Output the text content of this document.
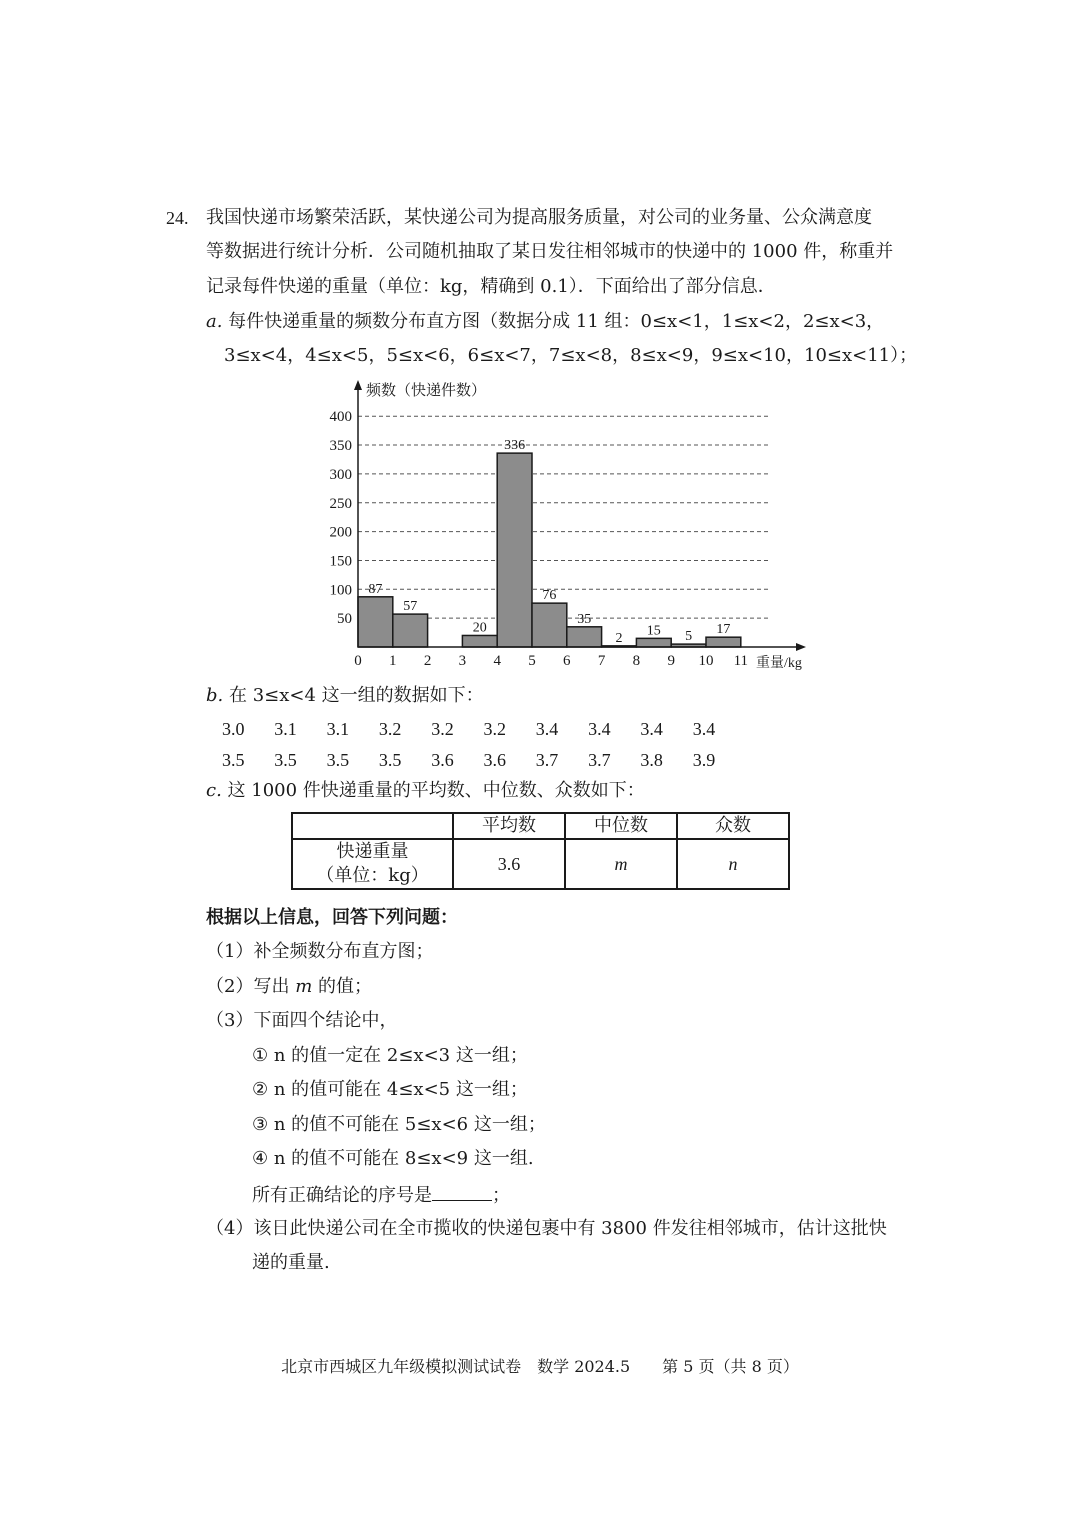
24. 我国快递市场繁荣活跃，某快递公司为提高服务质量，对公司的业务量、公众满意度
等数据进行统计分析．公司随机抽取了某日发往相邻城市的快递中的 1000 件，称重并
记录每件快递的重量（单位：kg，精确到 0.1）．下面给出了部分信息．
a. 每件快递重量的频数分布直方图（数据分成 11 组：0≤x<1，1≤x<2，2≤x<3，
3≤x<4，4≤x<5，5≤x<6，6≤x<7，7≤x<8，8≤x<9，9≤x<10，10≤x<11）；
87
57
20
336
76
35
2
15 5 17
50
100
150
200
250
300
350
400
0 1 2 3 4 5 6 7 8 9 10 11
频数（快递件数）
重量/kg
b. 在 3≤x<4 这一组的数据如下：
3.0 3.1 3.1 3.2 3.2 3.2 3.4 3.4 3.4 3.4
3.5 3.5 3.5 3.5 3.6 3.6 3.7 3.7 3.8 3.9
c. 这 1000 件快递重量的平均数、中位数、众数如下：
	平均数	中位数	众数

快递重量
（单位：kg）	3.6	m	n
根据以上信息，回答下列问题：
（1）补全频数分布直方图；
（2）写出 m 的值；
（3）下面四个结论中，
① n 的值一定在 2≤x<3 这一组；
② n 的值可能在 4≤x<5 这一组；
③ n 的值不可能在 5≤x<6 这一组；
④ n 的值不可能在 8≤x<9 这一组.
所有正确结论的序号是	；
（4）该日此快递公司在全市揽收的快递包裹中有 3800 件发往相邻城市，估计这批快
递的重量.
北京市西城区九年级模拟测试试卷　数学 2024.5　　第 5 页（共 8 页）
